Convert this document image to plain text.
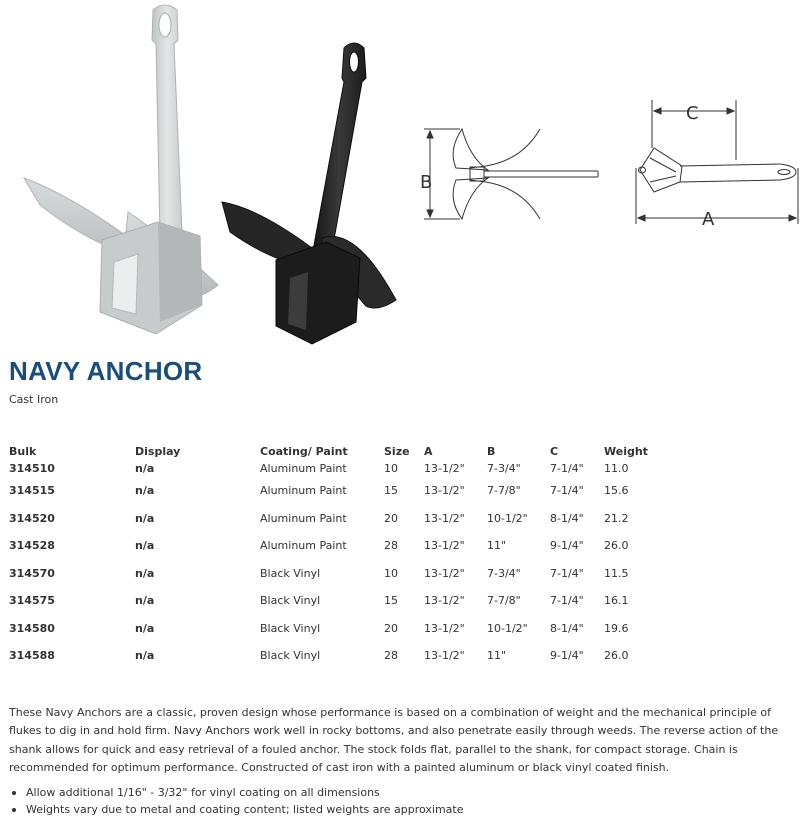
B
C
A
NAVY ANCHOR
Cast Iron
Bulk	Display	Coating/ Paint	Size	A	B	C	Weight
314510	n/a	Aluminum Paint	10	13-1/2"	7-3/4"	7-1/4"	11.0
314515	n/a	Aluminum Paint	15	13-1/2"	7-7/8"	7-1/4"	15.6
314520	n/a	Aluminum Paint	20	13-1/2"	10-1/2"	8-1/4"	21.2
314528	n/a	Aluminum Paint	28	13-1/2"	11"	9-1/4"	26.0
314570	n/a	Black Vinyl	10	13-1/2"	7-3/4"	7-1/4"	11.5
314575	n/a	Black Vinyl	15	13-1/2"	7-7/8"	7-1/4"	16.1
314580	n/a	Black Vinyl	20	13-1/2"	10-1/2"	8-1/4"	19.6
314588	n/a	Black Vinyl	28	13-1/2"	11"	9-1/4"	26.0

These Navy Anchors are a classic, proven design whose performance is based on a combination of weight and the mechanical principle of flukes to dig in and hold firm. Navy Anchors work well in rocky bottoms, and also penetrate easily through weeds. The reverse action of the shank allows for quick and easy retrieval of a fouled anchor. The stock folds flat, parallel to the shank, for compact storage. Chain is recommended for optimum performance. Constructed of cast iron with a painted aluminum or black vinyl coated finish.

Allow additional 1/16" - 3/32" for vinyl coating on all dimensions
Weights vary due to metal and coating content; listed weights are approximate
